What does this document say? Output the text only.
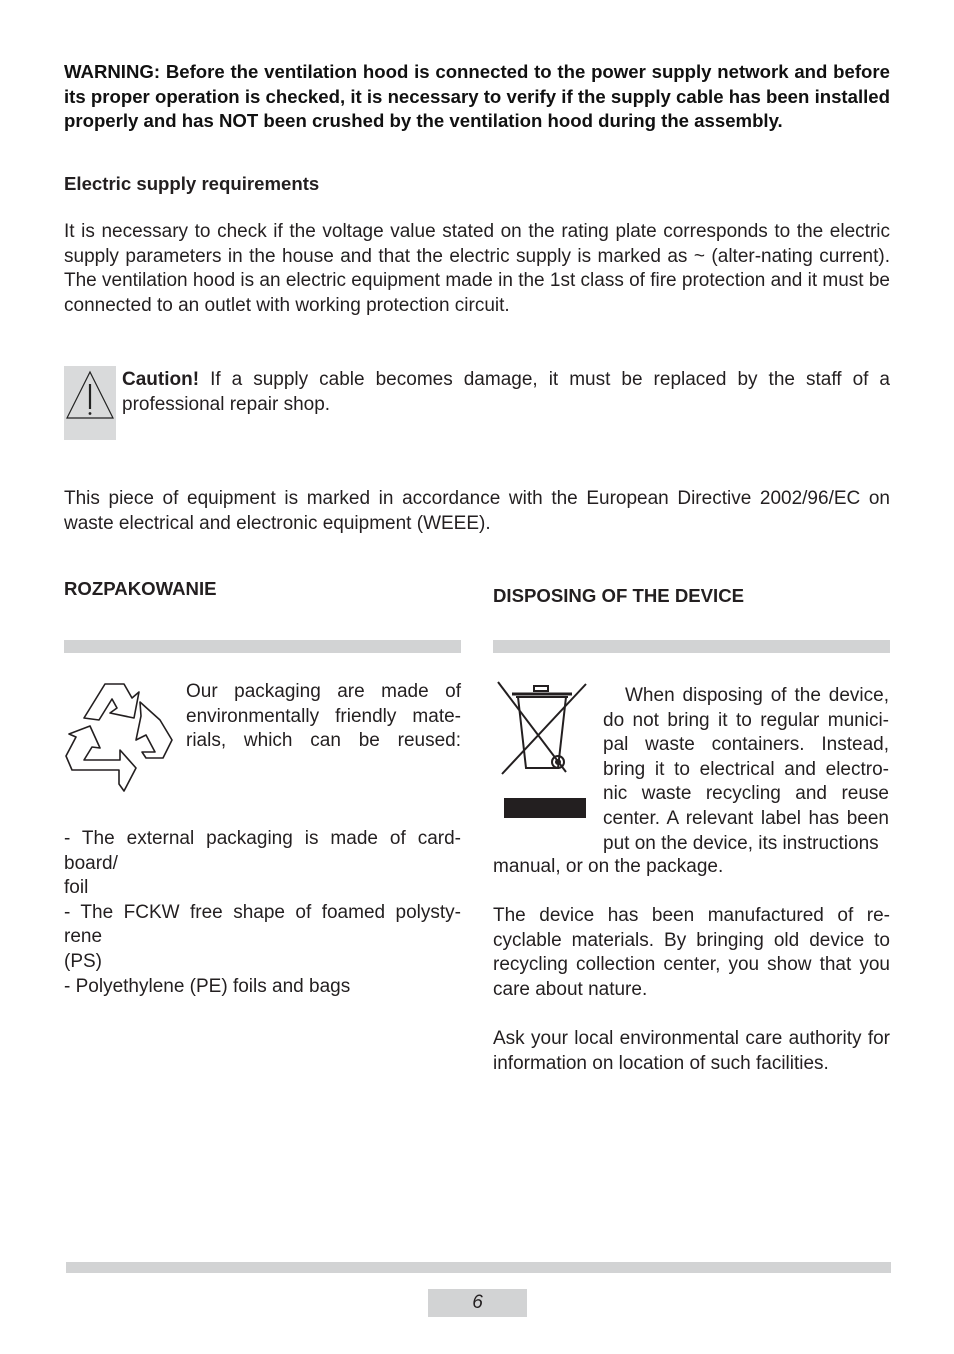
WARNING: Before the ventilation hood is connected to the power supply network and before its proper operation is checked, it is necessary to verify if the supply cable has been installed properly and has NOT been crushed by the ventilation hood during the assembly.

Electric supply requirements

It is necessary to check if the voltage value stated on the rating plate corresponds to the electric supply parameters in the house and that the electric supply is marked as ~ (alter-nating current). The ventilation hood is an electric equipment made in the 1st class of fire protection and it must be connected to an outlet with working protection circuit.

Caution! If a supply cable becomes damage, it must be replaced by the staff of a professional repair shop.

This piece of equipment is marked in accordance with the European Directive 2002/96/EC on waste electrical and electronic equipment (WEEE).

ROZPAKOWANIE

Our packaging are made of environmentally friendly mate-rials, which can be reused:

- The external packaging is made of card-board/

foil

- The FCKW free shape of foamed polysty-rene

(PS)

- Polyethylene (PE) foils and bags

DISPOSING OF THE DEVICE

When disposing of the device, do not bring it to regular munici-pal waste containers. Instead, bring it to electrical and electro-nic waste recycling and reuse center. A relevant label has been put on the device, its instructions

manual, or on the package.

The device has been manufactured of re-cyclable materials. By bringing old device to recycling collection center, you show that you care about nature.

Ask your local environmental care authority for information on location of such facilities.

6
